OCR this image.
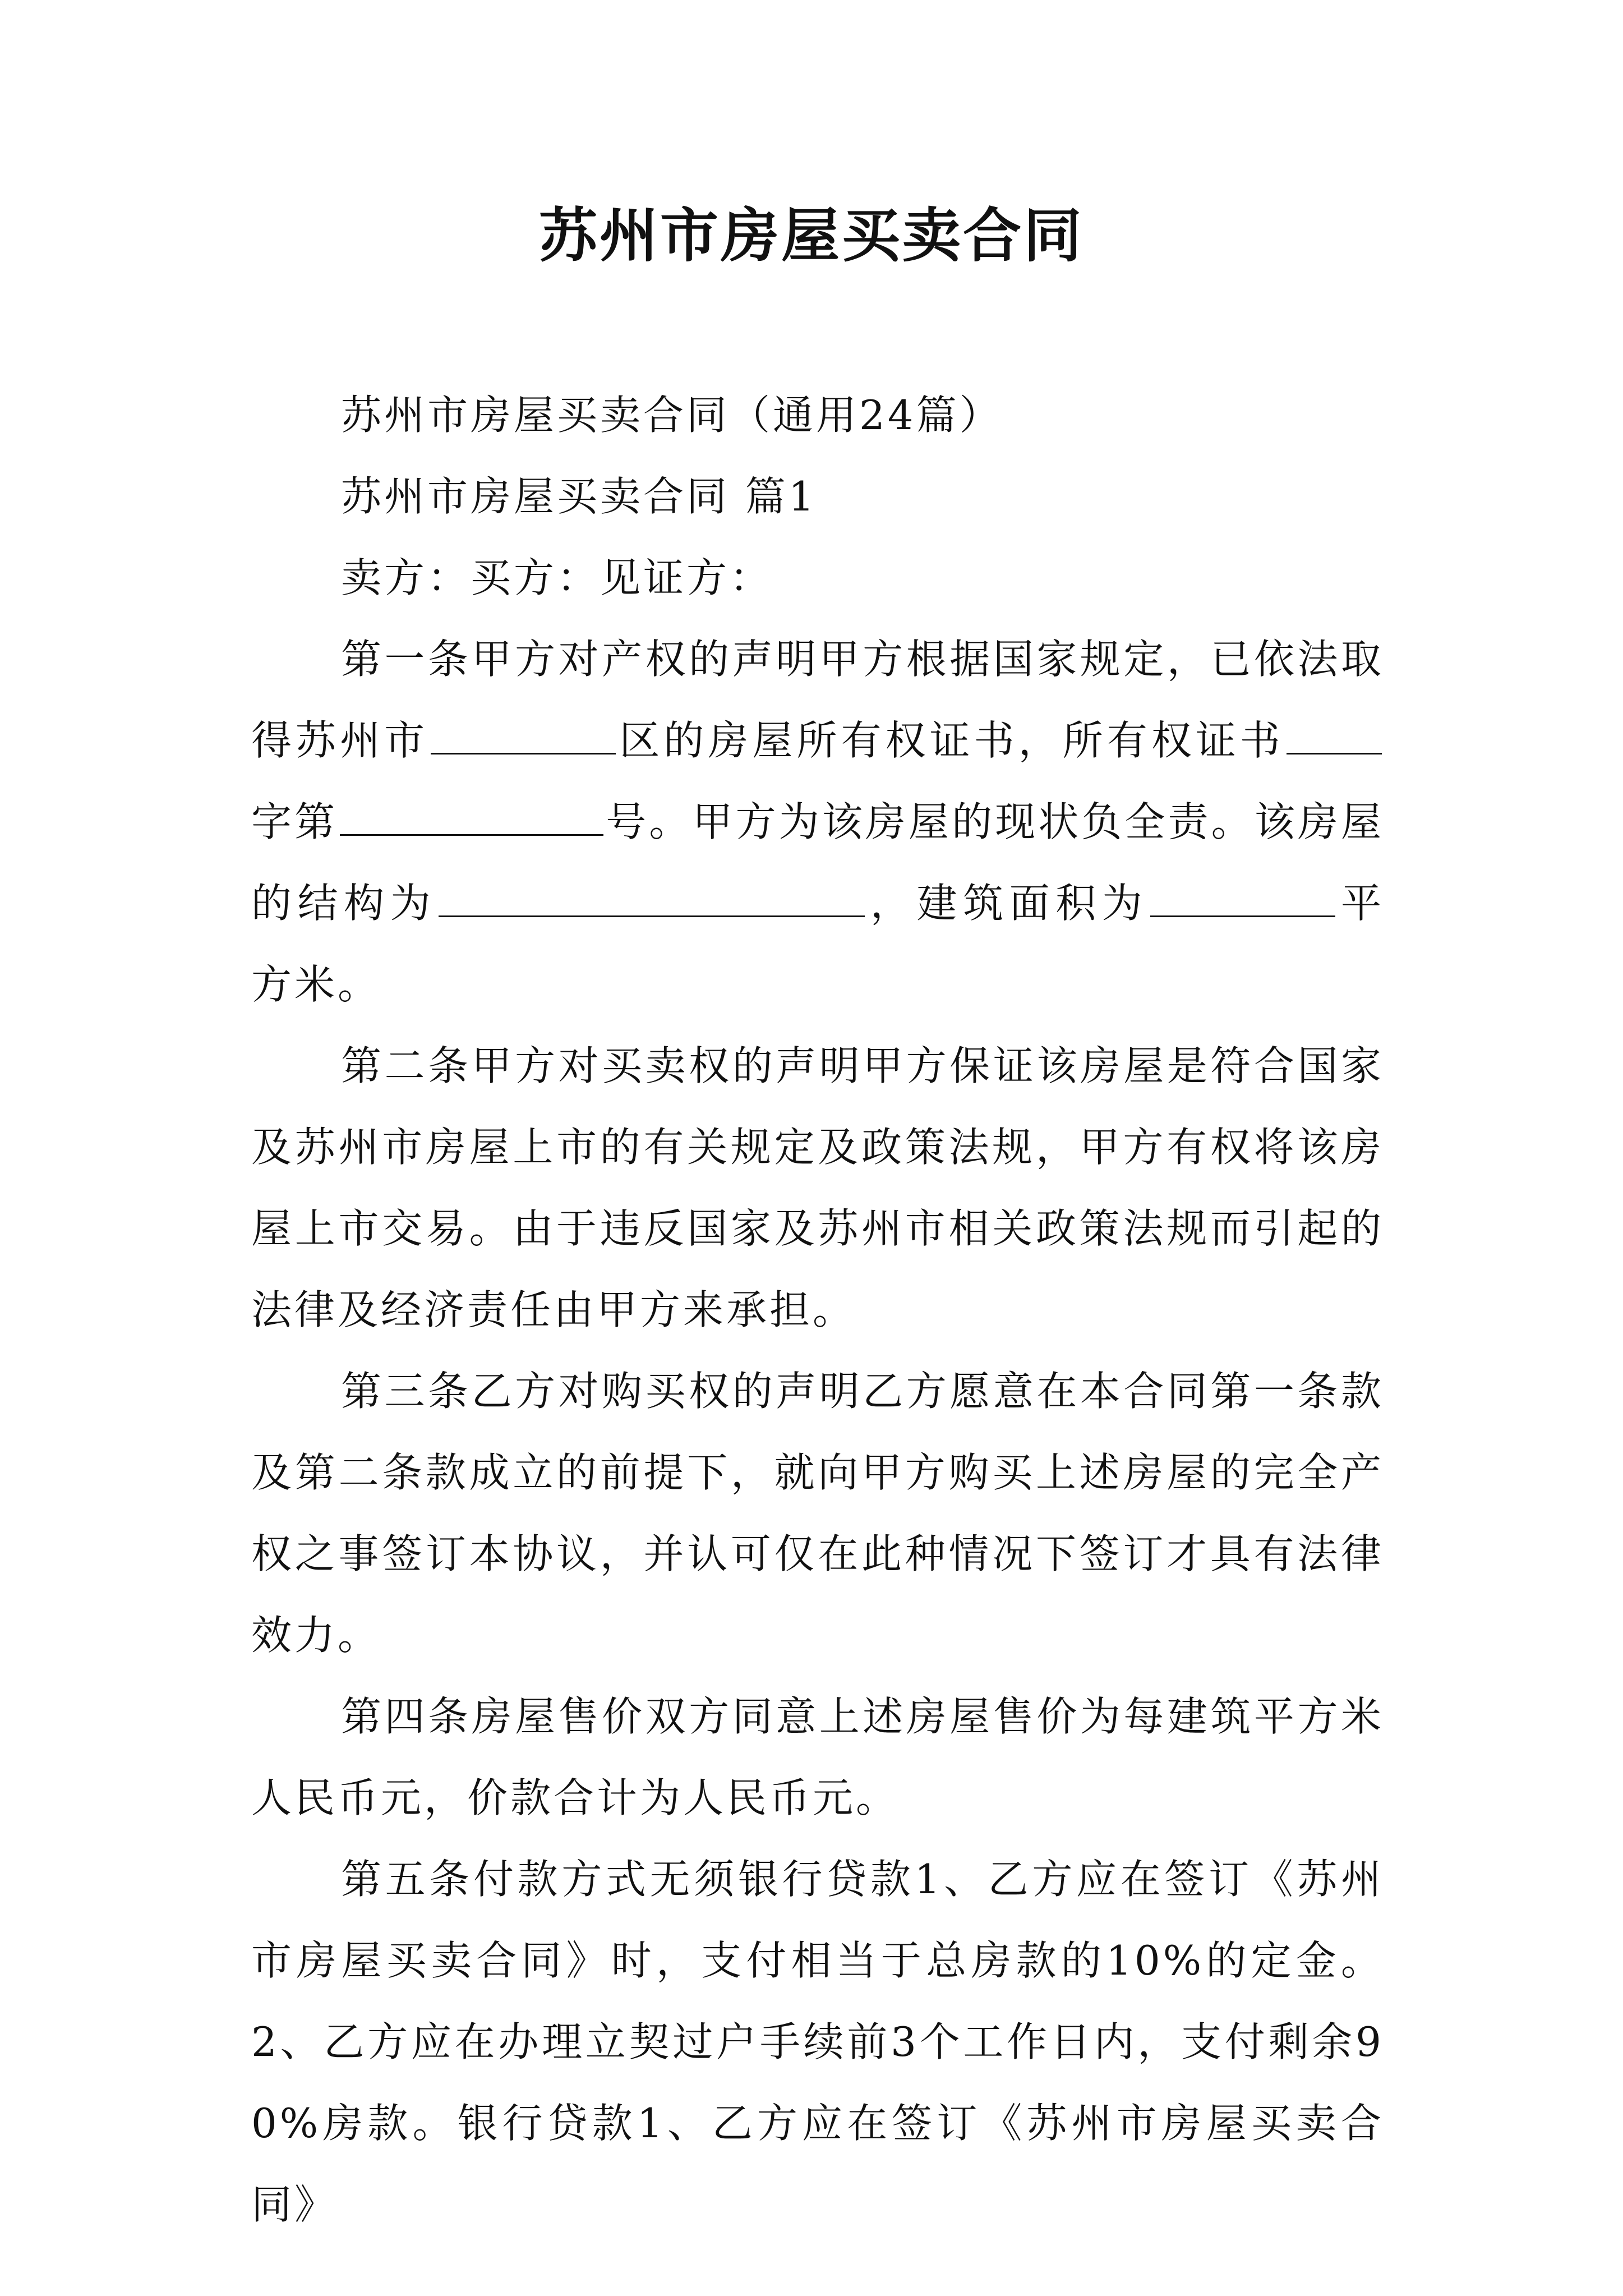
苏州市房屋买卖合同

苏州市房屋买卖合同（通用24篇）

苏州市房屋买卖合同 篇1

卖方：买方：见证方：

第一条甲方对产权的声明甲方根据国家规定，已依法取得苏州市	区的房屋所有权证书，所有权证书字第	号。甲方为该房屋的现状负全责。该房屋的结构为	，建筑面积为	平方米。

第二条甲方对买卖权的声明甲方保证该房屋是符合国家及苏州市房屋上市的有关规定及政策法规，甲方有权将该房屋上市交易。由于违反国家及苏州市相关政策法规而引起的法律及经济责任由甲方来承担。

第三条乙方对购买权的声明乙方愿意在本合同第一条款及第二条款成立的前提下，就向甲方购买上述房屋的完全产权之事签订本协议，并认可仅在此种情况下签订才具有法律效力。

第四条房屋售价双方同意上述房屋售价为每建筑平方米人民币元，价款合计为人民币元。

第五条付款方式无须银行贷款1、乙方应在签订《苏州市房屋买卖合同》时，支付相当于总房款的10%的定金。2、乙方应在办理立契过户手续前3个工作日内，支付剩余90%房款。银行贷款1、乙方应在签订《苏州市房屋买卖合同》
